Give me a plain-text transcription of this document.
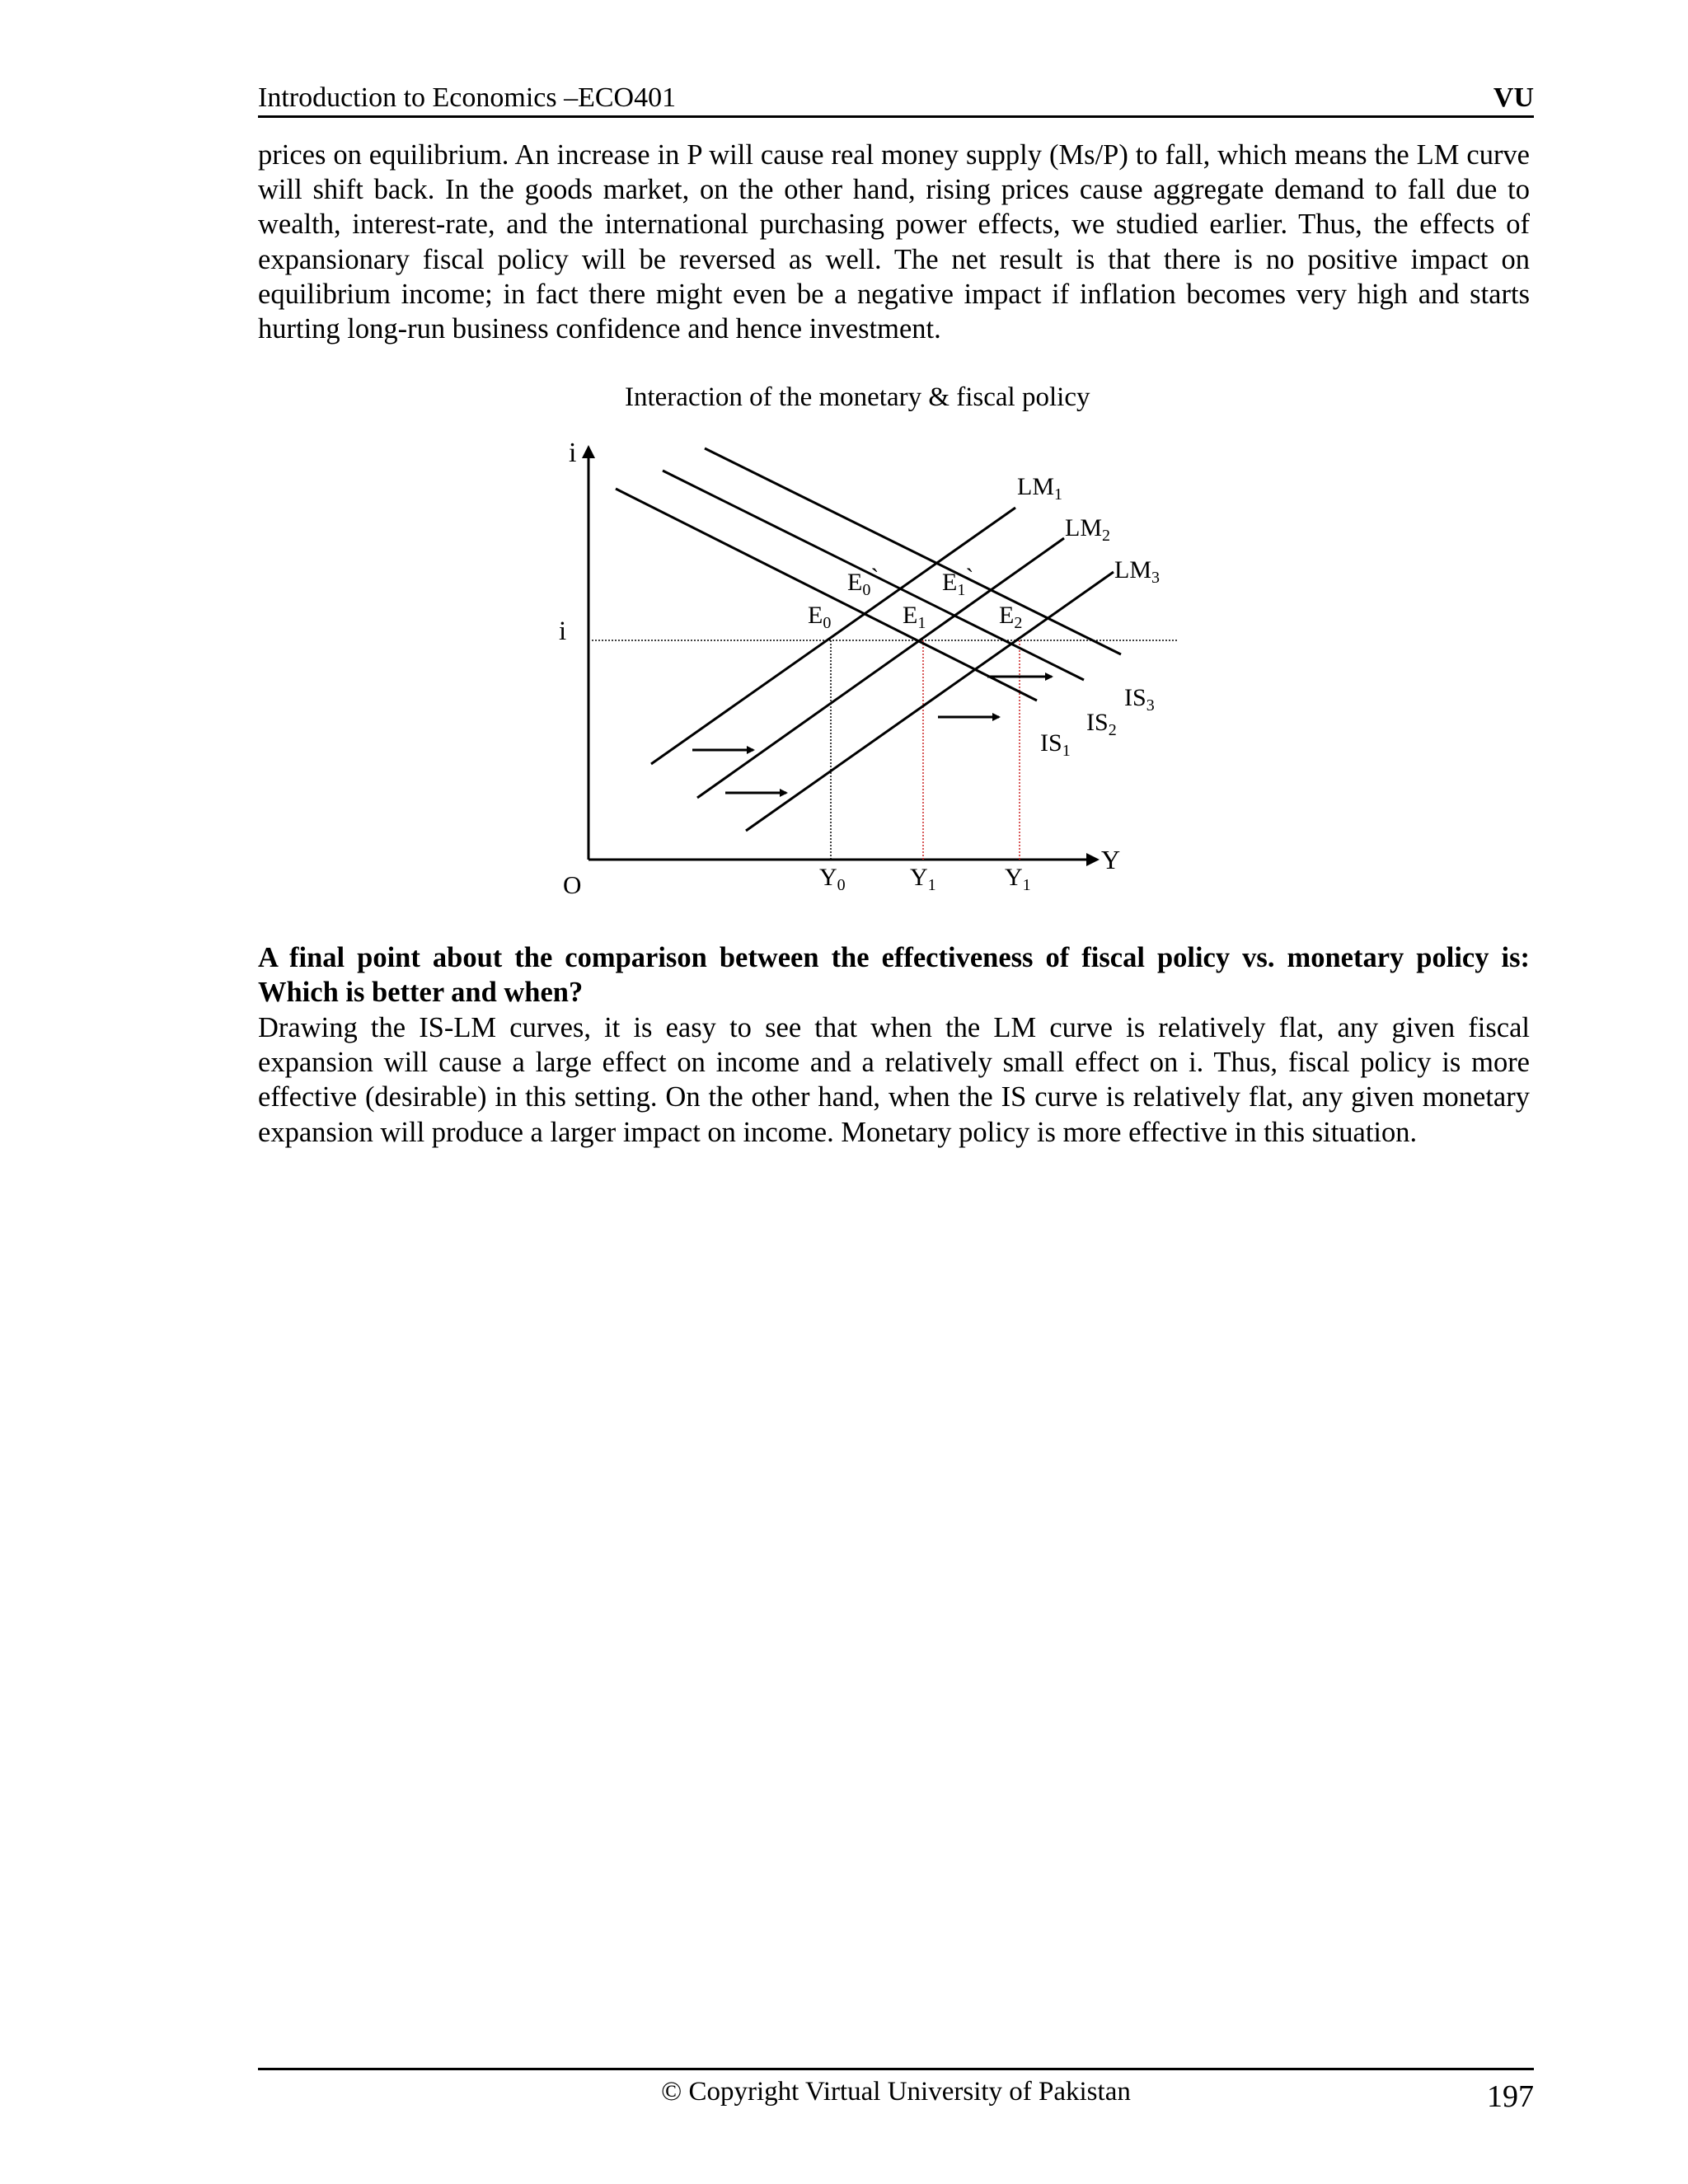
Introduction to Economics –ECO401	VU

prices on equilibrium. An increase in P will cause real money supply (Ms/P) to fall, which means the LM curve will shift back. In the goods market, on the other hand, rising prices cause aggregate demand to fall due to wealth, interest-rate, and the international purchasing power effects, we studied earlier. Thus, the effects of expansionary fiscal policy will be reversed as well. The net result is that there is no positive impact on equilibrium income; in fact there might even be a negative impact if inflation becomes very high and starts hurting long-run business confidence and hence investment.

Interaction of the monetary & fiscal policy
i
Y
O
i
$LM_1$
$LM_2$
$LM_3$
$IS_1$
$IS_2$
$IS_3$
$E_0$	$E_1$	$E_2$
$E_0`$	$E_1`$
$Y_0$	$Y_1$	$Y_1$

A final point about the comparison between the effectiveness of fiscal policy vs. monetary policy is: Which is better and when?

Drawing the IS-LM curves, it is easy to see that when the LM curve is relatively flat, any given fiscal expansion will cause a large effect on income and a relatively small effect on i. Thus, fiscal policy is more effective (desirable) in this setting. On the other hand, when the IS curve is relatively flat, any given monetary expansion will produce a larger impact on income. Monetary policy is more effective in this situation.

© Copyright Virtual University of Pakistan	197
